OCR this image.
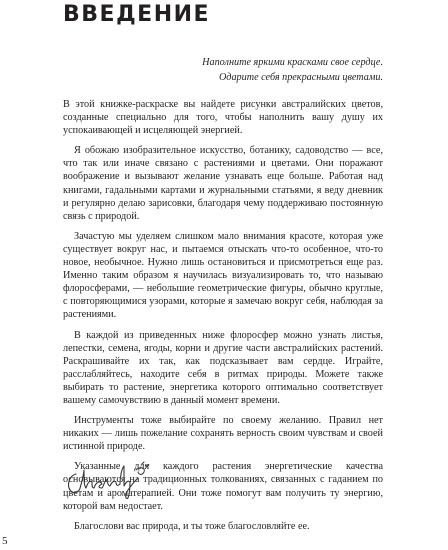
ВВЕДЕНИЕ
Наполните яркими красками свое сердце.
Одарите себя прекрасными цветами.

В этой книжке-раскраске вы найдете рисунки австралийских цветов, созданные специально для того, чтобы наполнить вашу душу их успокаивающей и исцеляющей энергией.

Я обожаю изобразительное искусство, ботанику, садоводство — все, что так или иначе связано с растениями и цветами. Они поражают воображение и вызывают желание узнавать еще больше. Работая над книгами, гадальными картами и журнальными статьями, я веду дневник и регулярно делаю зарисовки, благодаря чему поддерживаю постоянную связь с природой.

Зачастую мы уделяем слишком мало внимания красоте, которая уже существует вокруг нас, и пытаемся отыскать что-то особенное, что-то новое, необычное. Нужно лишь остановиться и присмотреться еще раз. Именно таким образом я научилась визуализировать то, что называю флоросферами, — небольшие геометрические фигуры, обычно круглые, с повторяющимися узорами, которые я замечаю вокруг себя, наблюдая за растениями.

В каждой из приведенных ниже флоросфер можно узнать листья, лепестки, семена, ягоды, корни и другие части австралийских растений. Раскрашивайте их так, как подсказывает вам сердце. Играйте, расслабляйтесь, находите себя в ритмах природы. Можете также выбирать то растение, энергетика которого оптимально соответствует вашему самочувствию в данный момент времени.

Инструменты тоже выбирайте по своему желанию. Правил нет никаких — лишь пожелание сохранять верность своим чувствам и своей истинной природе.

Указанные для каждого растения энергетические качества основываются на традиционных толкованиях, связанных с гаданием по цветам и ароматерапией. Они тоже помогут вам получить ту энергию, которой вам недостает.

Благослови вас природа, и ты тоже благословляйте ее.

5
